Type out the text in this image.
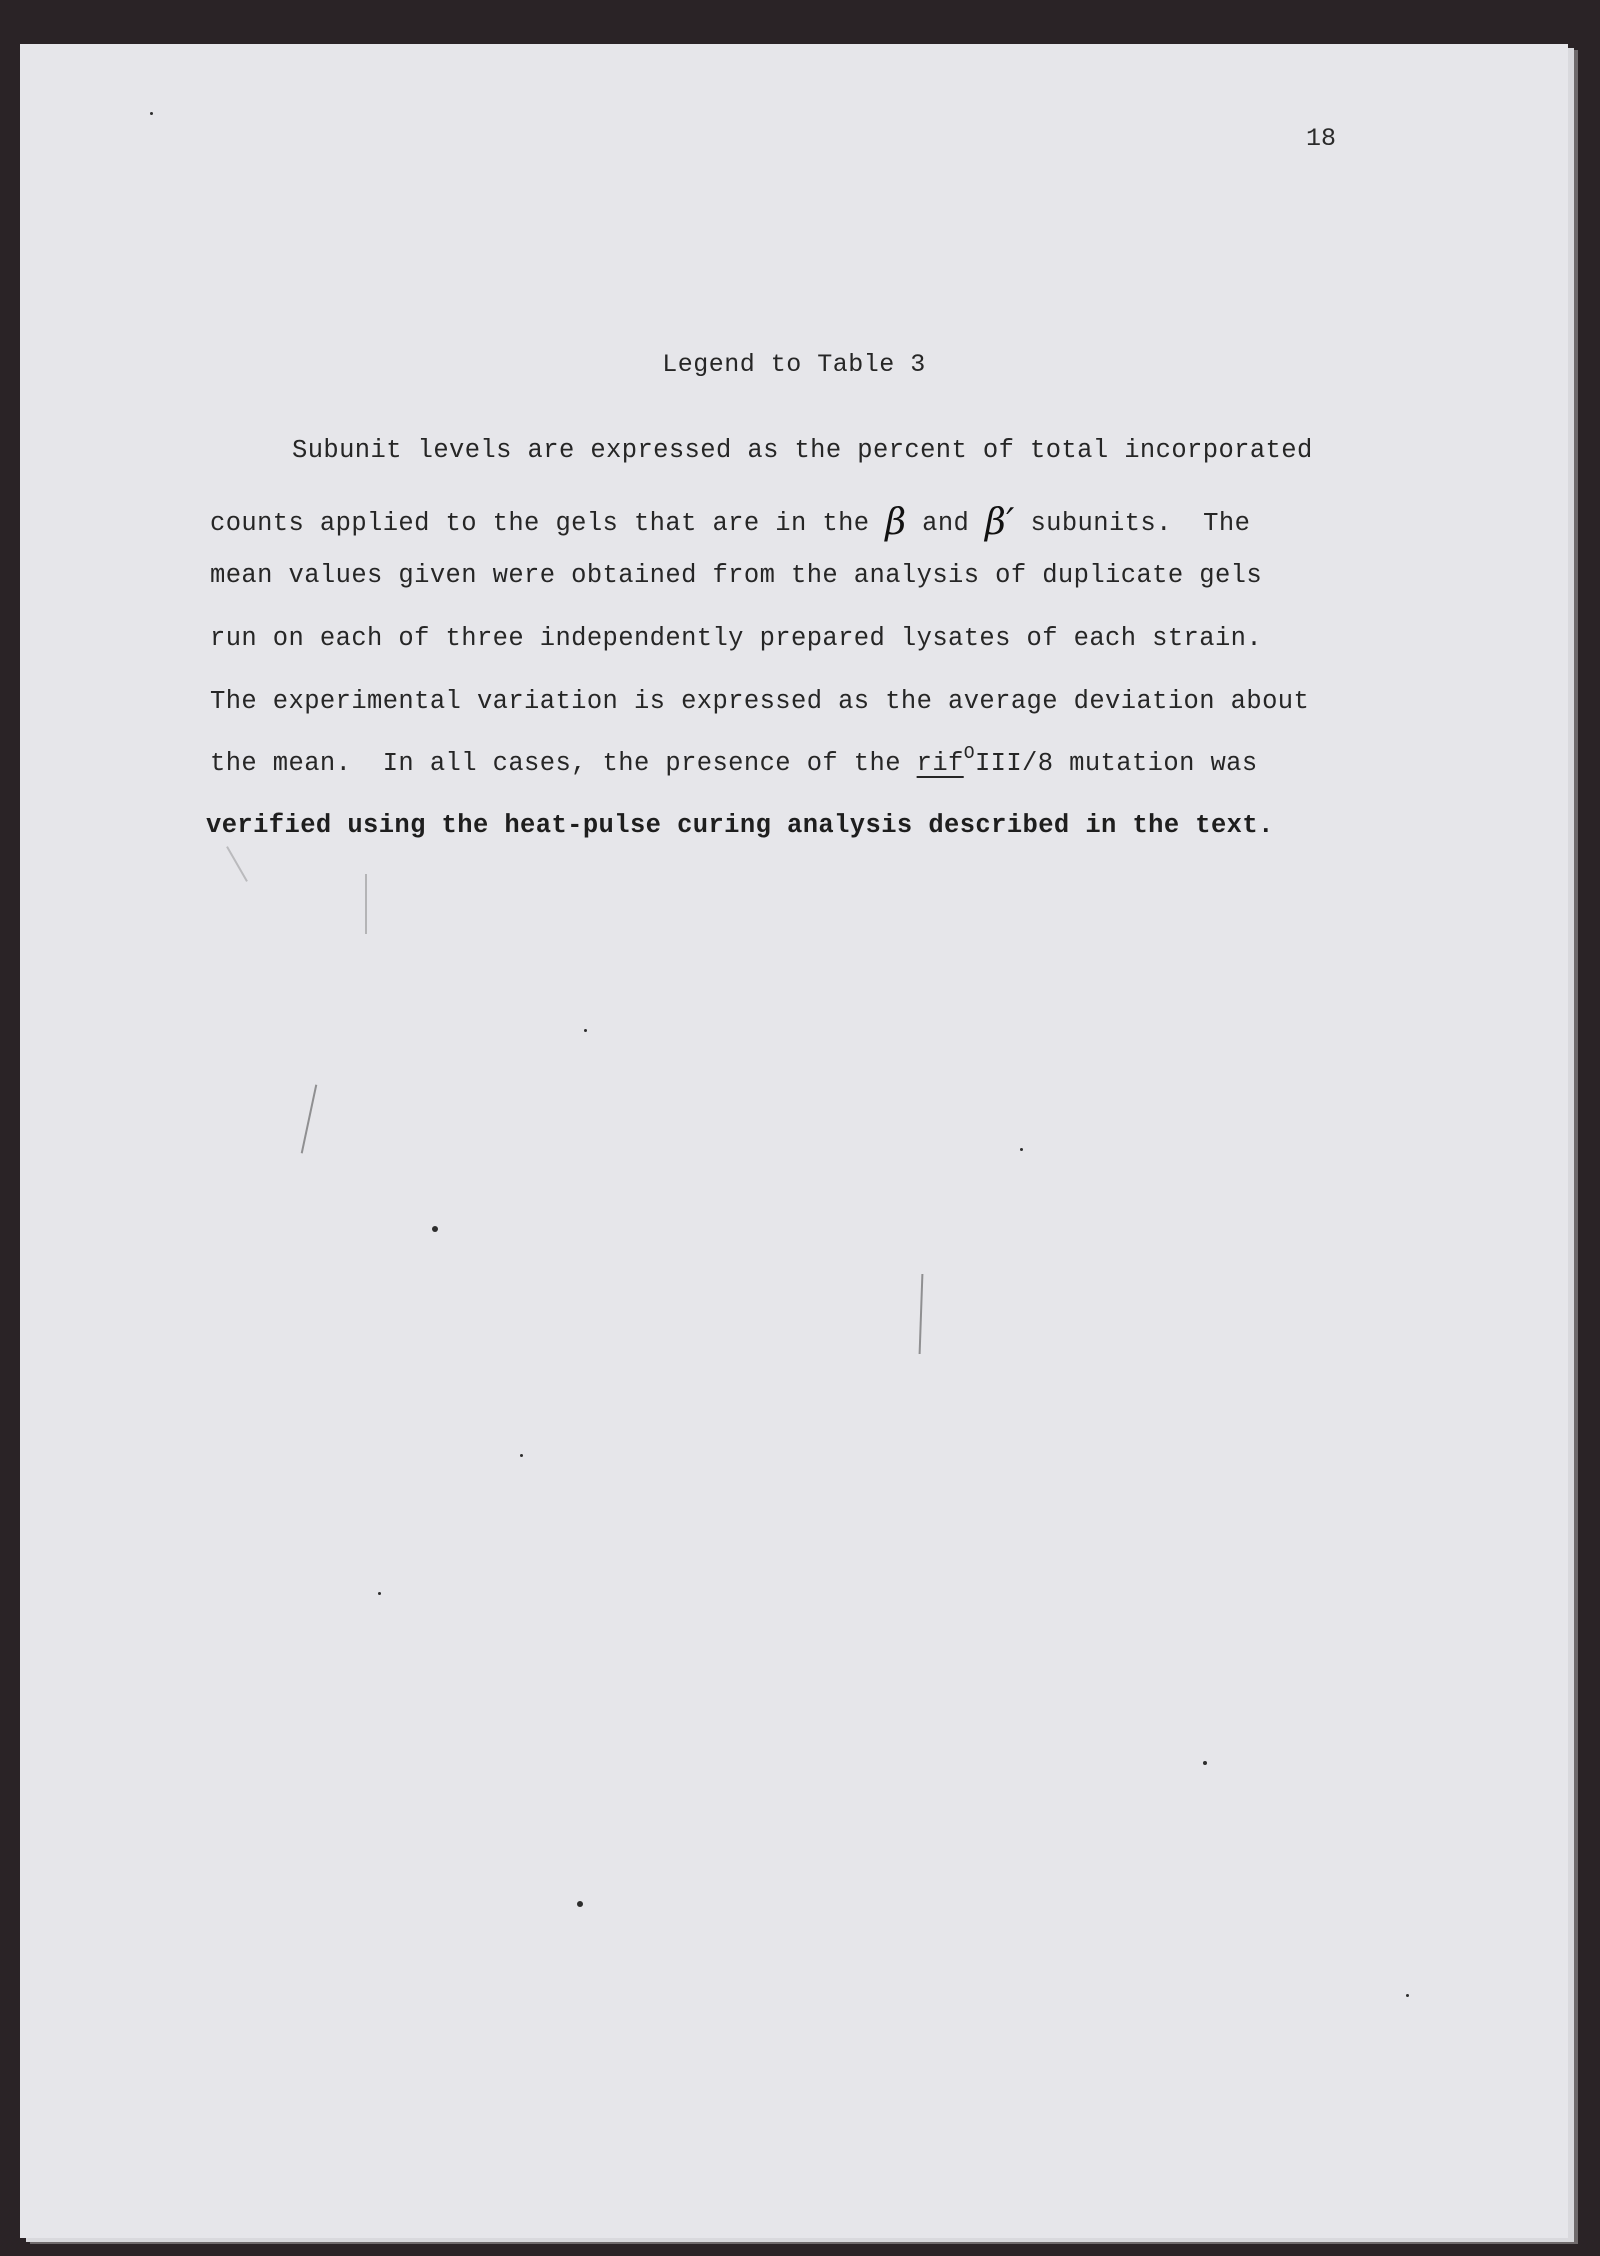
18
Legend to Table 3
Subunit levels are expressed as the percent of total incorporated
counts applied to the gels that are in the β and β′ subunits.  The
mean values given were obtained from the analysis of duplicate gels
run on each of three independently prepared lysates of each strain.
The experimental variation is expressed as the average deviation about
the mean.  In all cases, the presence of the rif$^O$III/8 mutation was
verified using the heat-pulse curing analysis described in the text.
